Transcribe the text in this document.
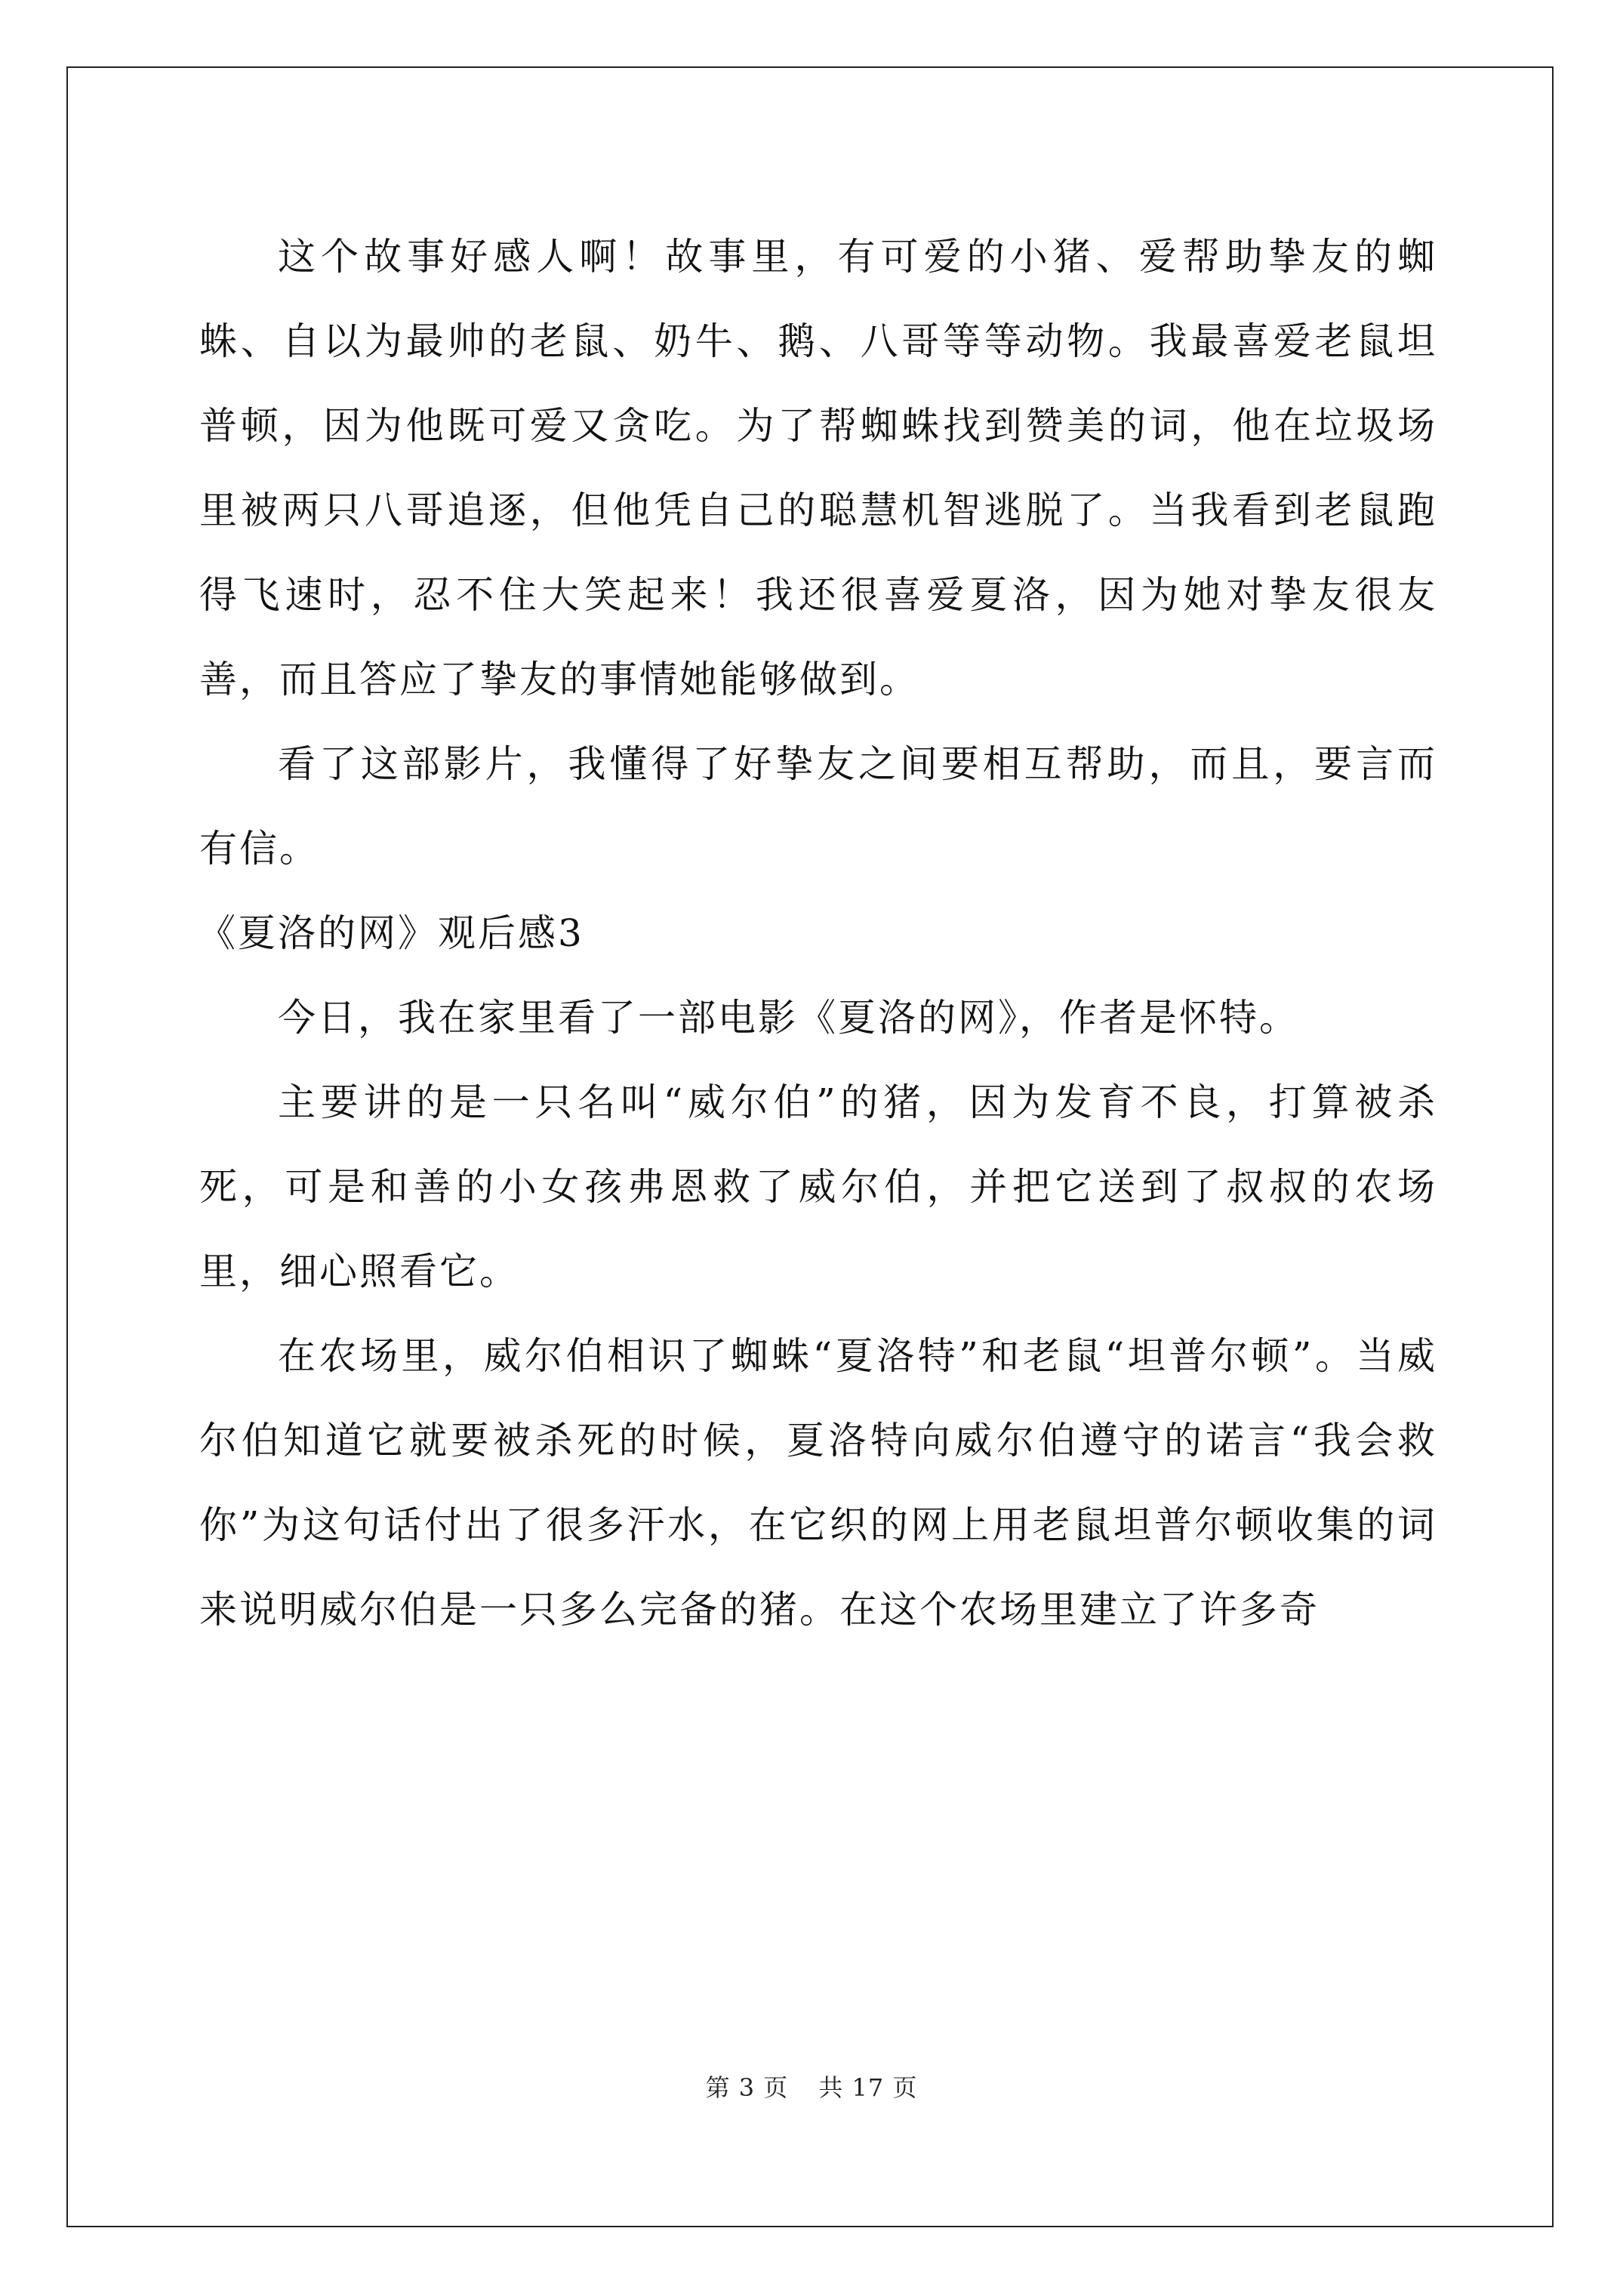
这个故事好感人啊！故事里，有可爱的小猪、爱帮助挚友的蜘蛛、自以为最帅的老鼠、奶牛、鹅、八哥等等动物。我最喜爱老鼠坦普顿，因为他既可爱又贪吃。为了帮蜘蛛找到赞美的词，他在垃圾场里被两只八哥追逐，但他凭自己的聪慧机智逃脱了。当我看到老鼠跑得飞速时，忍不住大笑起来！我还很喜爱夏洛，因为她对挚友很友善，而且答应了挚友的事情她能够做到。

看了这部影片，我懂得了好挚友之间要相互帮助，而且，要言而有信。

《夏洛的网》观后感3

今日，我在家里看了一部电影《夏洛的网》，作者是怀特。

主要讲的是一只名叫“威尔伯”的猪，因为发育不良，打算被杀死，可是和善的小女孩弗恩救了威尔伯，并把它送到了叔叔的农场里，细心照看它。

在农场里，威尔伯相识了蜘蛛“夏洛特”和老鼠“坦普尔顿”。当威尔伯知道它就要被杀死的时候，夏洛特向威尔伯遵守的诺言“我会救你”为这句话付出了很多汗水，在它织的网上用老鼠坦普尔顿收集的词来说明威尔伯是一只多么完备的猪。在这个农场里建立了许多奇

第 3 页 共 17 页
